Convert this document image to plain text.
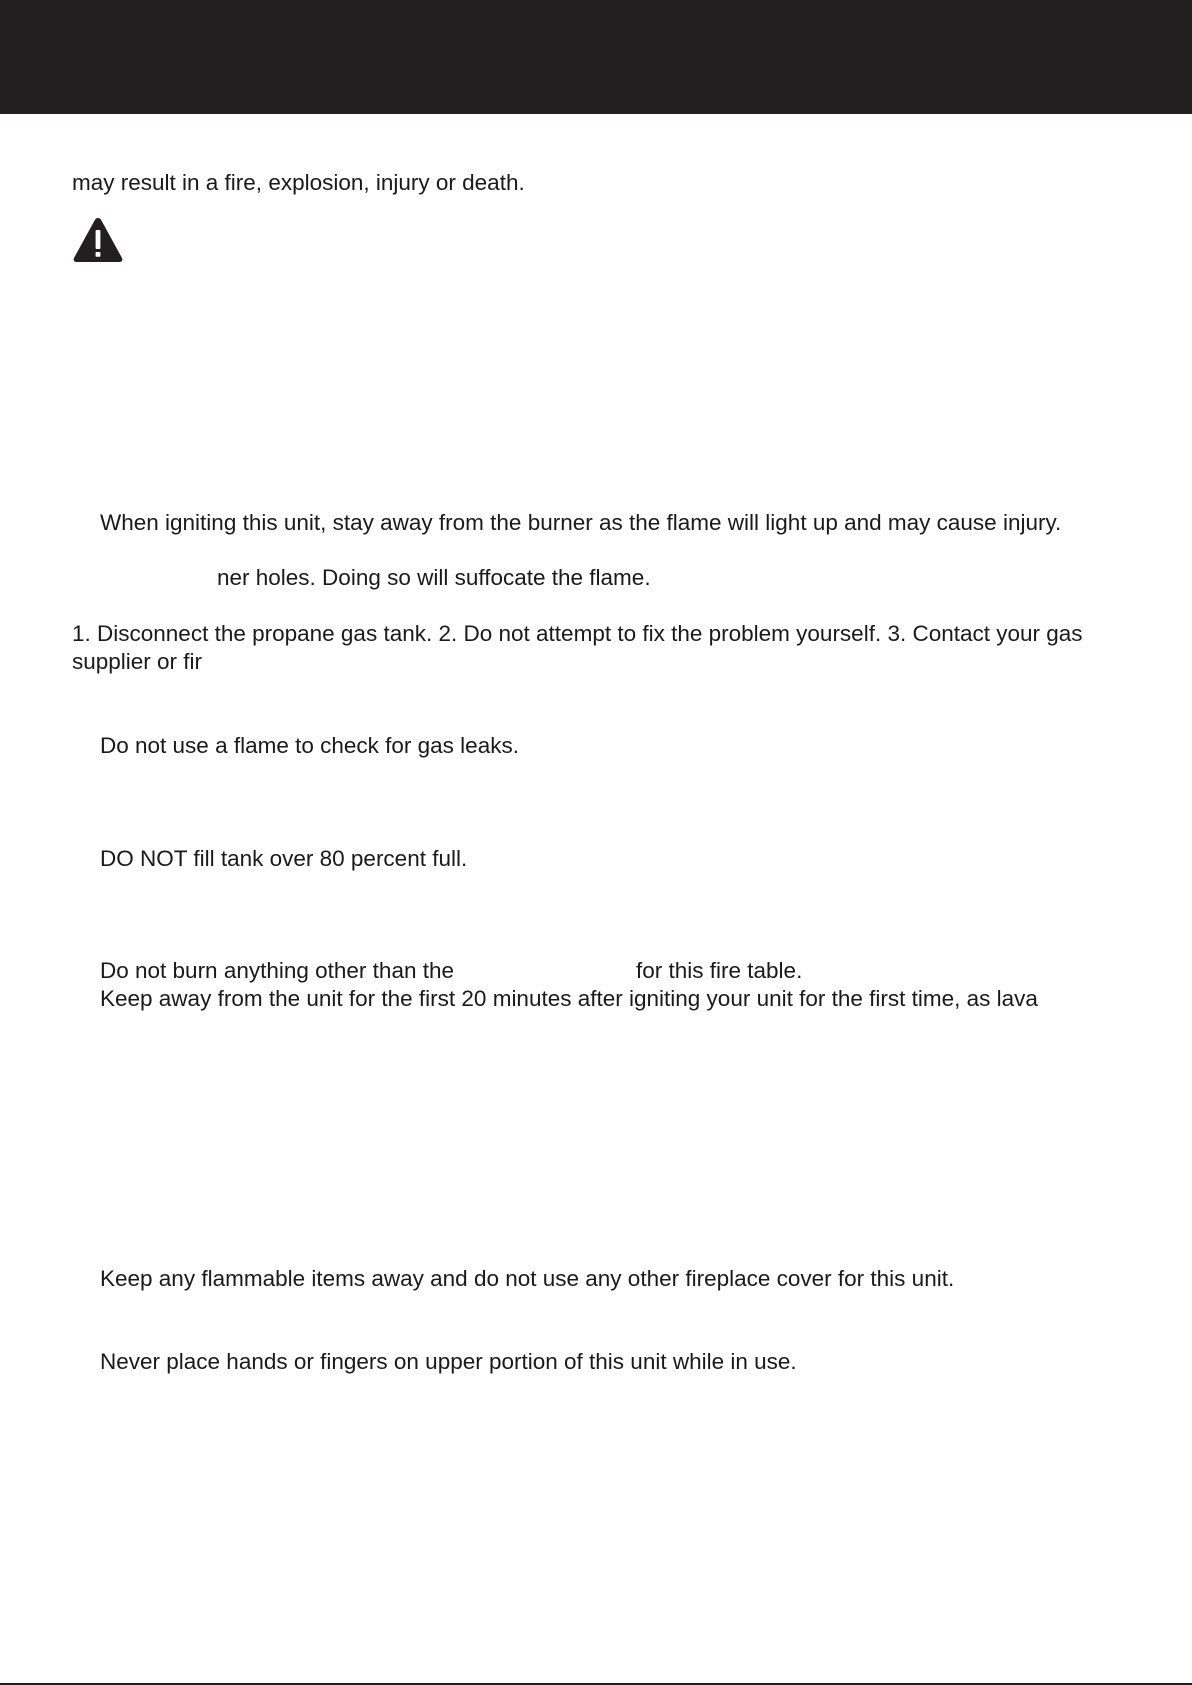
may result in a fire, explosion, injury or death.
When igniting this unit, stay away from the burner as the flame will light up and may cause injury.
ner holes. Doing so will suffocate the flame.
1. Disconnect the propane gas tank. 2. Do not attempt to fix the problem yourself. 3. Contact your gas
supplier or fir
Do not use a flame to check for gas leaks.
DO NOT fill tank over 80 percent full.
Do not burn anything other than the	for this fire table.
Keep away from the unit for the first 20 minutes after igniting your unit for the first time, as lava
Keep any flammable items away and do not use any other fireplace cover for this unit.
Never place hands or fingers on upper portion of this unit while in use.
